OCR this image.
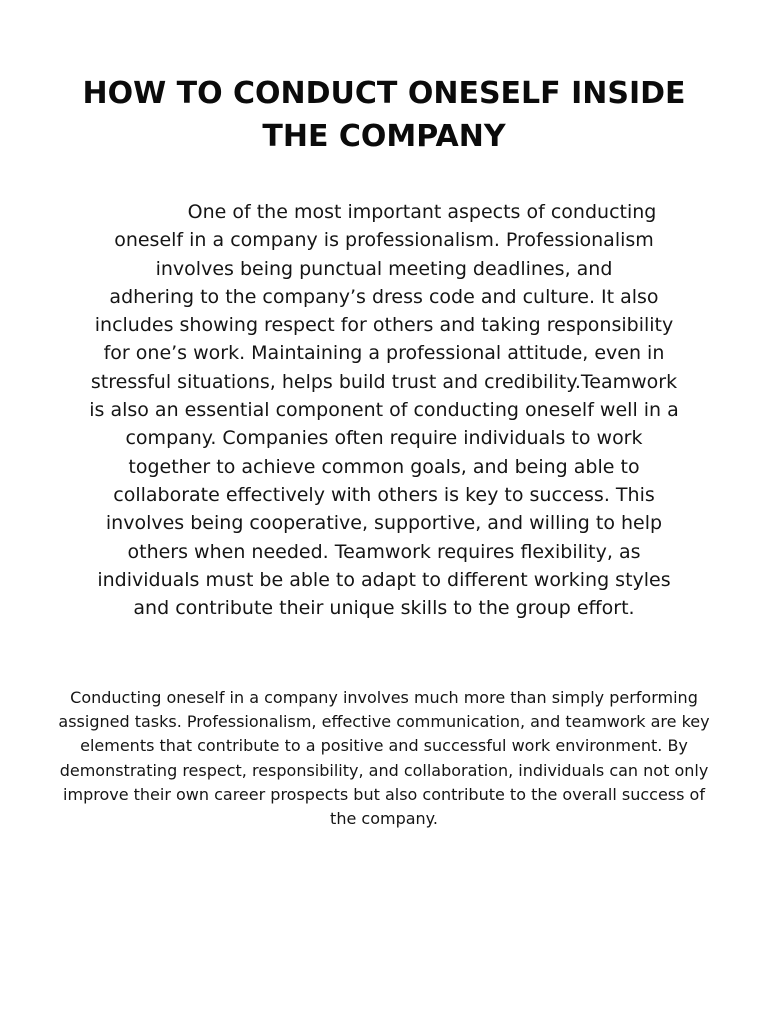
HOW TO CONDUCT ONESELF INSIDE
THE COMPANY

One of the most important aspects of conducting
oneself in a company is professionalism. Professionalism
involves being punctual meeting deadlines, and
adhering to the company’s dress code and culture. It also
includes showing respect for others and taking responsibility
for one’s work. Maintaining a professional attitude, even in
stressful situations, helps build trust and credibility.Teamwork
is also an essential component of conducting oneself well in a
company. Companies often require individuals to work
together to achieve common goals, and being able to
collaborate effectively with others is key to success. This
involves being cooperative, supportive, and willing to help
others when needed. Teamwork requires flexibility, as
individuals must be able to adapt to different working styles
and contribute their unique skills to the group effort.

Conducting oneself in a company involves much more than simply performing
assigned tasks. Professionalism, effective communication, and teamwork are key
elements that contribute to a positive and successful work environment. By
demonstrating respect, responsibility, and collaboration, individuals can not only
improve their own career prospects but also contribute to the overall success of
the company.
